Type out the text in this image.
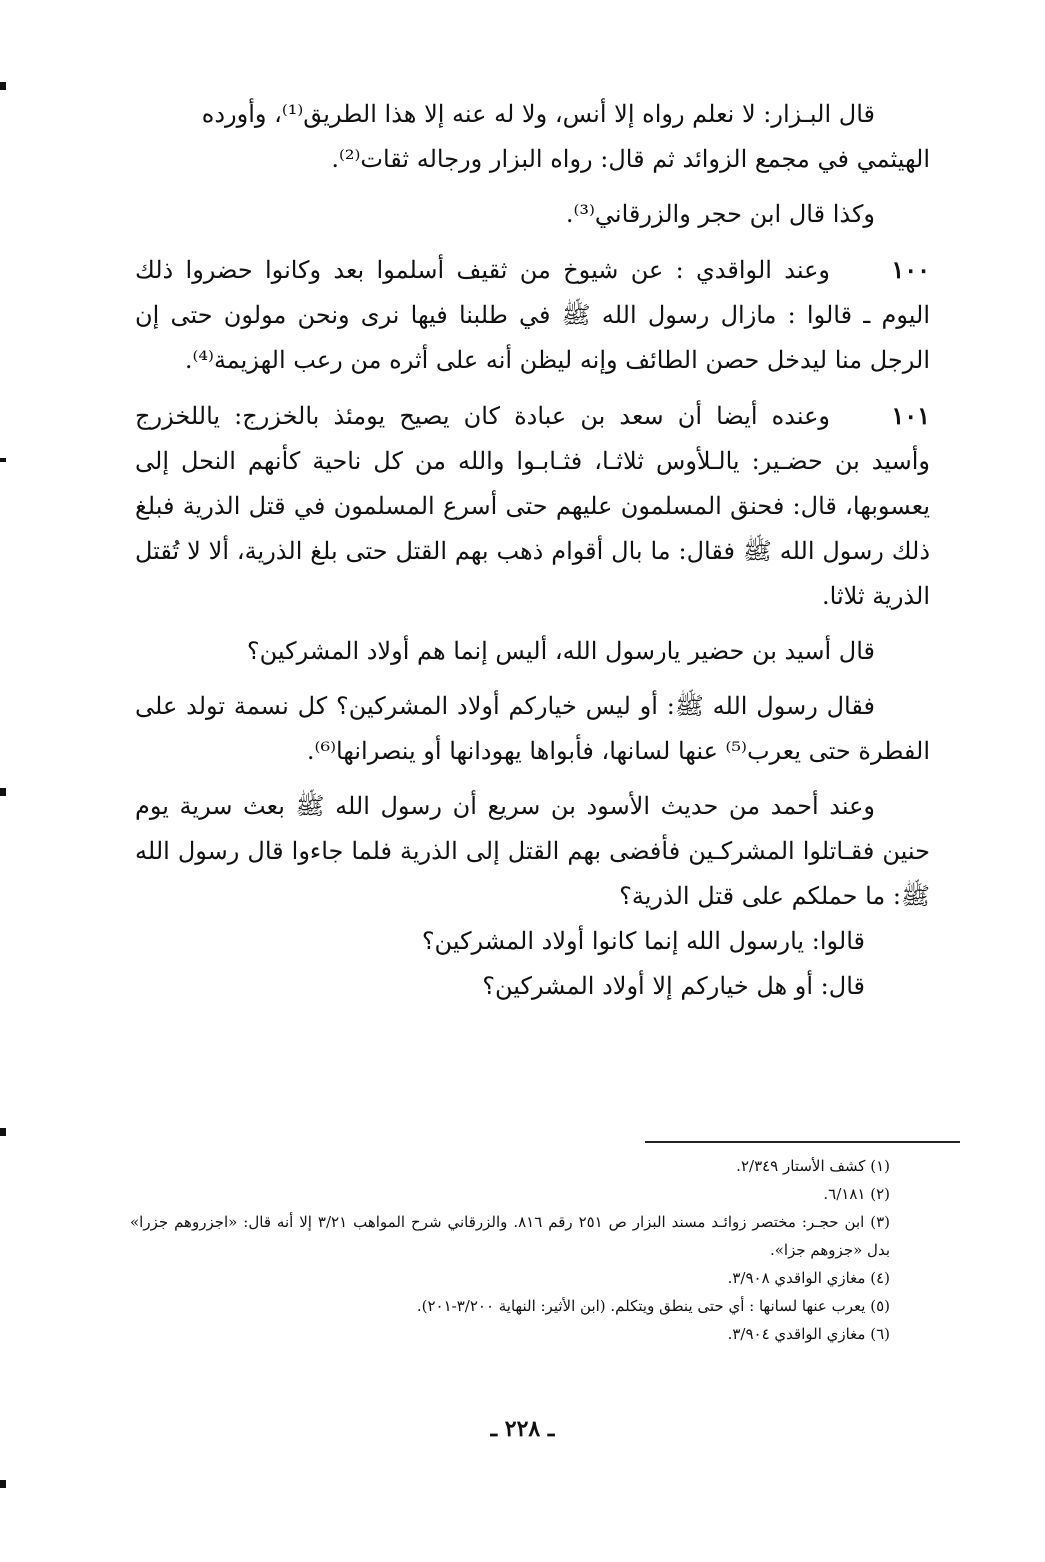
قال البـزار: لا نعلم رواه إلا أنس، ولا له عنه إلا هذا الطريق⁽¹⁾، وأورده
الهيثمي في مجمع الزوائد ثم قال: رواه البزار ورجاله ثقات⁽²⁾.

وكذا قال ابن حجر والزرقاني⁽³⁾.

١٠٠وعند الواقدي : عن شيوخ من ثقيف أسلموا بعد وكانوا حضروا ذلك اليوم ـ قالوا : مازال رسول الله ﷺ في طلبنا فيها نرى ونحن مولون حتى إن الرجل منا ليدخل حصن الطائف وإنه ليظن أنه على أثره من رعب الهزيمة⁽⁴⁾.

١٠١وعنده أيضا أن سعد بن عبادة كان يصيح يومئذ بالخزرج: ياللخزرج وأسيد بن حضـير: يالـلأوس ثلاثـا، فثـابـوا والله من كل ناحية كأنهم النحل إلى يعسوبها، قال: فحنق المسلمون عليهم حتى أسرع المسلمون في قتل الذرية فبلغ ذلك رسول الله ﷺ فقال: ما بال أقوام ذهب بهم القتل حتى بلغ الذرية، ألا لا تُقتل الذرية ثلاثا.

قال أسيد بن حضير يارسول الله، أليس إنما هم أولاد المشركين؟

فقال رسول الله ﷺ: أو ليس خياركم أولاد المشركين؟ كل نسمة تولد على الفطرة حتى يعرب⁽⁵⁾ عنها لسانها، فأبواها يهودانها أو ينصرانها⁽⁶⁾.

وعند أحمد من حديث الأسود بن سريع أن رسول الله ﷺ بعث سرية يوم حنين فقـاتلوا المشركـين فأفضى بهم القتل إلى الذرية فلما جاءوا قال رسول الله ﷺ: ما حملكم على قتل الذرية؟

قالوا: يارسول الله إنما كانوا أولاد المشركين؟
قال: أو هل خياركم إلا أولاد المشركين؟

(١) كشف الأستار ٢/٣٤٩.

(٢) ٦/١٨١.

(٣) ابن حجـر: مختصر زوائـد مسند البزار ص ٢٥١ رقم ٨١٦. والزرقاني شرح المواهب ٣/٢١ إلا أنه قال: «اجزروهم جزرا» بدل «جزوهم جزا».

(٤) مغازي الواقدي ٣/٩٠٨.

(٥) يعرب عنها لسانها : أي حتى ينطق ويتكلم. (ابن الأثير: النهاية ٣/٢٠٠-٢٠١).

(٦) مغازي الواقدي ٣/٩٠٤.

ـ ٢٢٨ ـ
